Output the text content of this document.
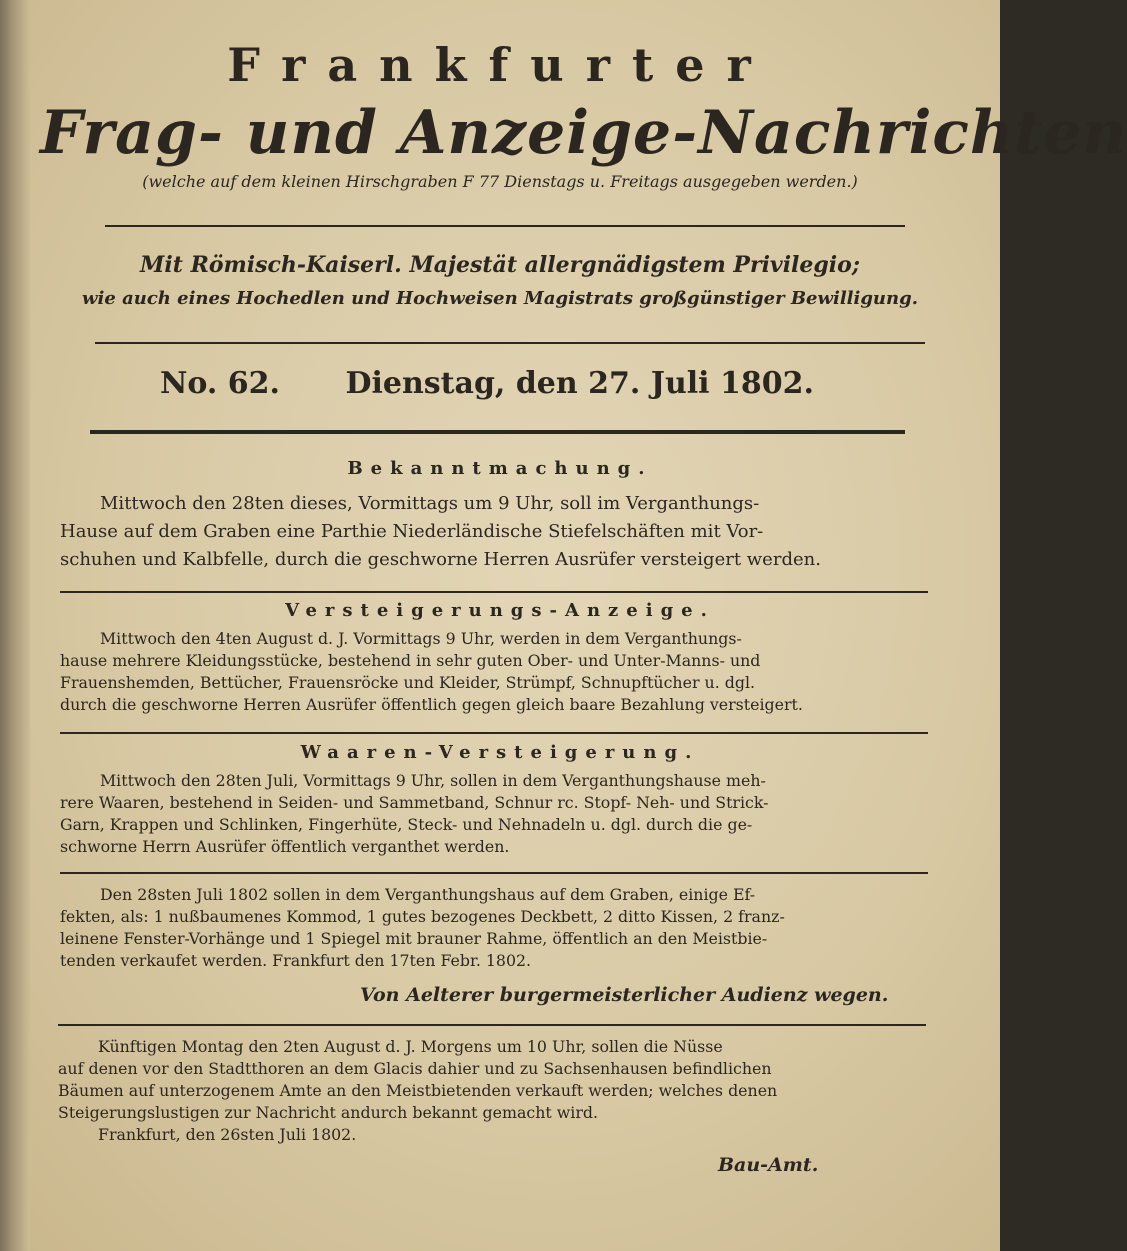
Frankfurter
Frag- und Anzeige-Nachrichten
(welche auf dem kleinen Hirschgraben F 77 Dienstags u. Freitags ausgegeben werden.)
Mit Römisch-Kaiserl. Majestät allergnädigstem Privilegio;
wie auch eines Hochedlen und Hochweisen Magistrats großgünstiger Bewilligung.
No. 62. Dienstag, den 27. Juli 1802.
Bekanntmachung.
Mittwoch den 28ten dieses, Vormittags um 9 Uhr, soll im Verganthungs-
Hause auf dem Graben eine Parthie Niederländische Stiefelschäften mit Vor-
schuhen und Kalbfelle, durch die geschworne Herren Ausrüfer versteigert werden.
Versteigerungs-Anzeige.
Mittwoch den 4ten August d. J. Vormittags 9 Uhr, werden in dem Verganthungs-
hause mehrere Kleidungsstücke, bestehend in sehr guten Ober- und Unter-Manns- und
Frauenshemden, Bettücher, Frauensröcke und Kleider, Strümpf, Schnupftücher u. dgl.
durch die geschworne Herren Ausrüfer öffentlich gegen gleich baare Bezahlung versteigert.
Waaren-Versteigerung.
Mittwoch den 28ten Juli, Vormittags 9 Uhr, sollen in dem Verganthungshause meh-
rere Waaren, bestehend in Seiden- und Sammetband, Schnur rc. Stopf- Neh- und Strick-
Garn, Krappen und Schlinken, Fingerhüte, Steck- und Nehnadeln u. dgl. durch die ge-
schworne Herrn Ausrüfer öffentlich verganthet werden.
Den 28sten Juli 1802 sollen in dem Verganthungshaus auf dem Graben, einige Ef-
fekten, als: 1 nußbaumenes Kommod, 1 gutes bezogenes Deckbett, 2 ditto Kissen, 2 franz-
leinene Fenster-Vorhänge und 1 Spiegel mit brauner Rahme, öffentlich an den Meistbie-
tenden verkaufet werden. Frankfurt den 17ten Febr. 1802.
Von Aelterer burgermeisterlicher Audienz wegen.
Künftigen Montag den 2ten August d. J. Morgens um 10 Uhr, sollen die Nüsse
auf denen vor den Stadtthoren an dem Glacis dahier und zu Sachsenhausen befindlichen
Bäumen auf unterzogenem Amte an den Meistbietenden verkauft werden; welches denen
Steigerungslustigen zur Nachricht andurch bekannt gemacht wird.
Frankfurt, den 26sten Juli 1802.
Bau-Amt.
